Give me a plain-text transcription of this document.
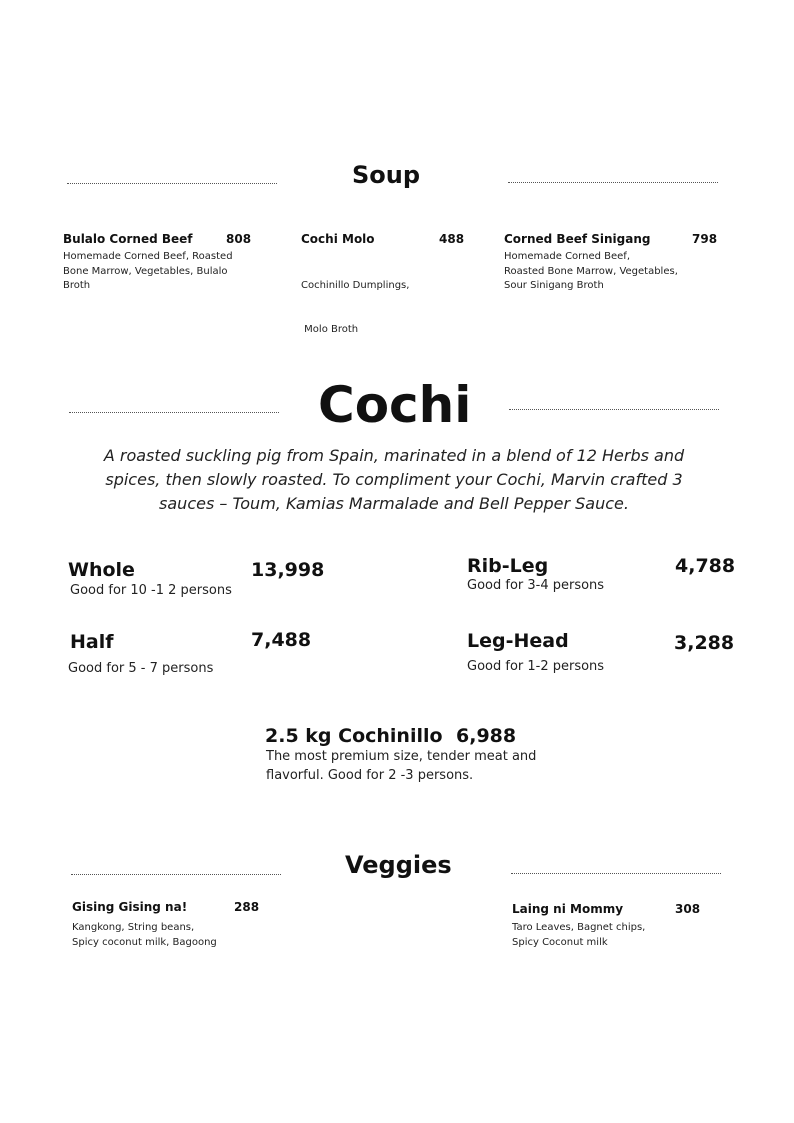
Soup
Bulalo Corned Beef	808
Homemade Corned Beef, Roasted
Bone Marrow, Vegetables, Bulalo
Broth
Cochi Molo	488

Cochinillo Dumplings,

Molo Broth

Corned Beef Sinigang	798
Homemade Corned Beef,
Roasted Bone Marrow, Vegetables,
Sour Sinigang Broth
Cochi
A roasted suckling pig from Spain, marinated in a blend of 12 Herbs and spices, then slowly roasted. To compliment your Cochi, Marvin crafted 3 sauces – Toum, Kamias Marmalade and Bell Pepper Sauce.
Whole	13,998
Good for 10 -1 2 persons
Rib-Leg	4,788
Good for 3-4 persons
Half	7,488
Good for 5 - 7 persons
Leg-Head	3,288
Good for 1-2 persons
2.5 kg Cochinillo 6,988
The most premium size, tender meat and
flavorful. Good for 2 -3 persons.
Veggies
Gising Gising na!	288
Kangkong, String beans,
Spicy coconut milk, Bagoong
Laing ni Mommy	308
Taro Leaves, Bagnet chips,
Spicy Coconut milk
